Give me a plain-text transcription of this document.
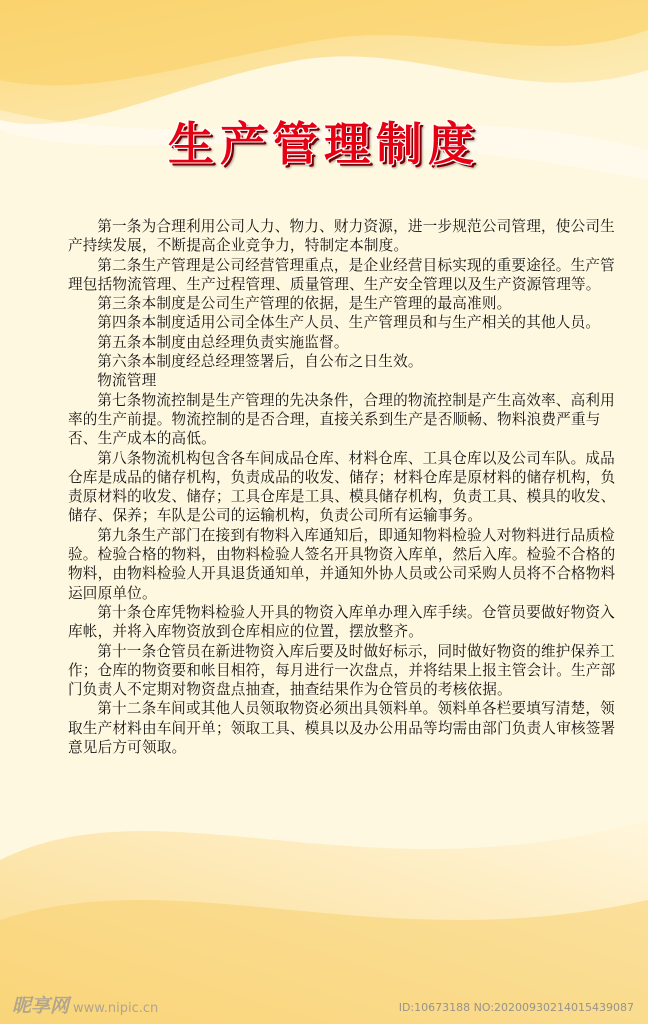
生产管理制度

第一条为合理利用公司人力、物力、财力资源，进一步规范公司管理，使公司生产持续发展，不断提高企业竞争力，特制定本制度。

第二条生产管理是公司经营管理重点，是企业经营目标实现的重要途径。生产管理包括物流管理、生产过程管理、质量管理、生产安全管理以及生产资源管理等。

第三条本制度是公司生产管理的依据，是生产管理的最高准则。

第四条本制度适用公司全体生产人员、生产管理员和与生产相关的其他人员。

第五条本制度由总经理负责实施监督。

第六条本制度经总经理签署后，自公布之日生效。

物流管理

第七条物流控制是生产管理的先决条件，合理的物流控制是产生高效率、高利用率的生产前提。物流控制的是否合理，直接关系到生产是否顺畅、物料浪费严重与否、生产成本的高低。

第八条物流机构包含各车间成品仓库、材料仓库、工具仓库以及公司车队。成品仓库是成品的储存机构，负责成品的收发、储存；材料仓库是原材料的储存机构，负责原材料的收发、储存；工具仓库是工具、模具储存机构，负责工具、模具的收发、储存、保养；车队是公司的运输机构，负责公司所有运输事务。

第九条生产部门在接到有物料入库通知后，即通知物料检验人对物料进行品质检验。检验合格的物料，由物料检验人签名开具物资入库单，然后入库。检验不合格的物料，由物料检验人开具退货通知单，并通知外协人员或公司采购人员将不合格物料运回原单位。

第十条仓库凭物料检验人开具的物资入库单办理入库手续。仓管员要做好物资入库帐，并将入库物资放到仓库相应的位置，摆放整齐。

第十一条仓管员在新进物资入库后要及时做好标示，同时做好物资的维护保养工作；仓库的物资要和帐目相符，每月进行一次盘点，并将结果上报主管会计。生产部门负责人不定期对物资盘点抽查，抽查结果作为仓管员的考核依据。

第十二条车间或其他人员领取物资必须出具领料单。领料单各栏要填写清楚，领取生产材料由车间开单；领取工具、模具以及办公用品等均需由部门负责人审核签署意见后方可领取。

昵享网 www.nipic.cn	ID:10673188 NO:20200930214015439087
